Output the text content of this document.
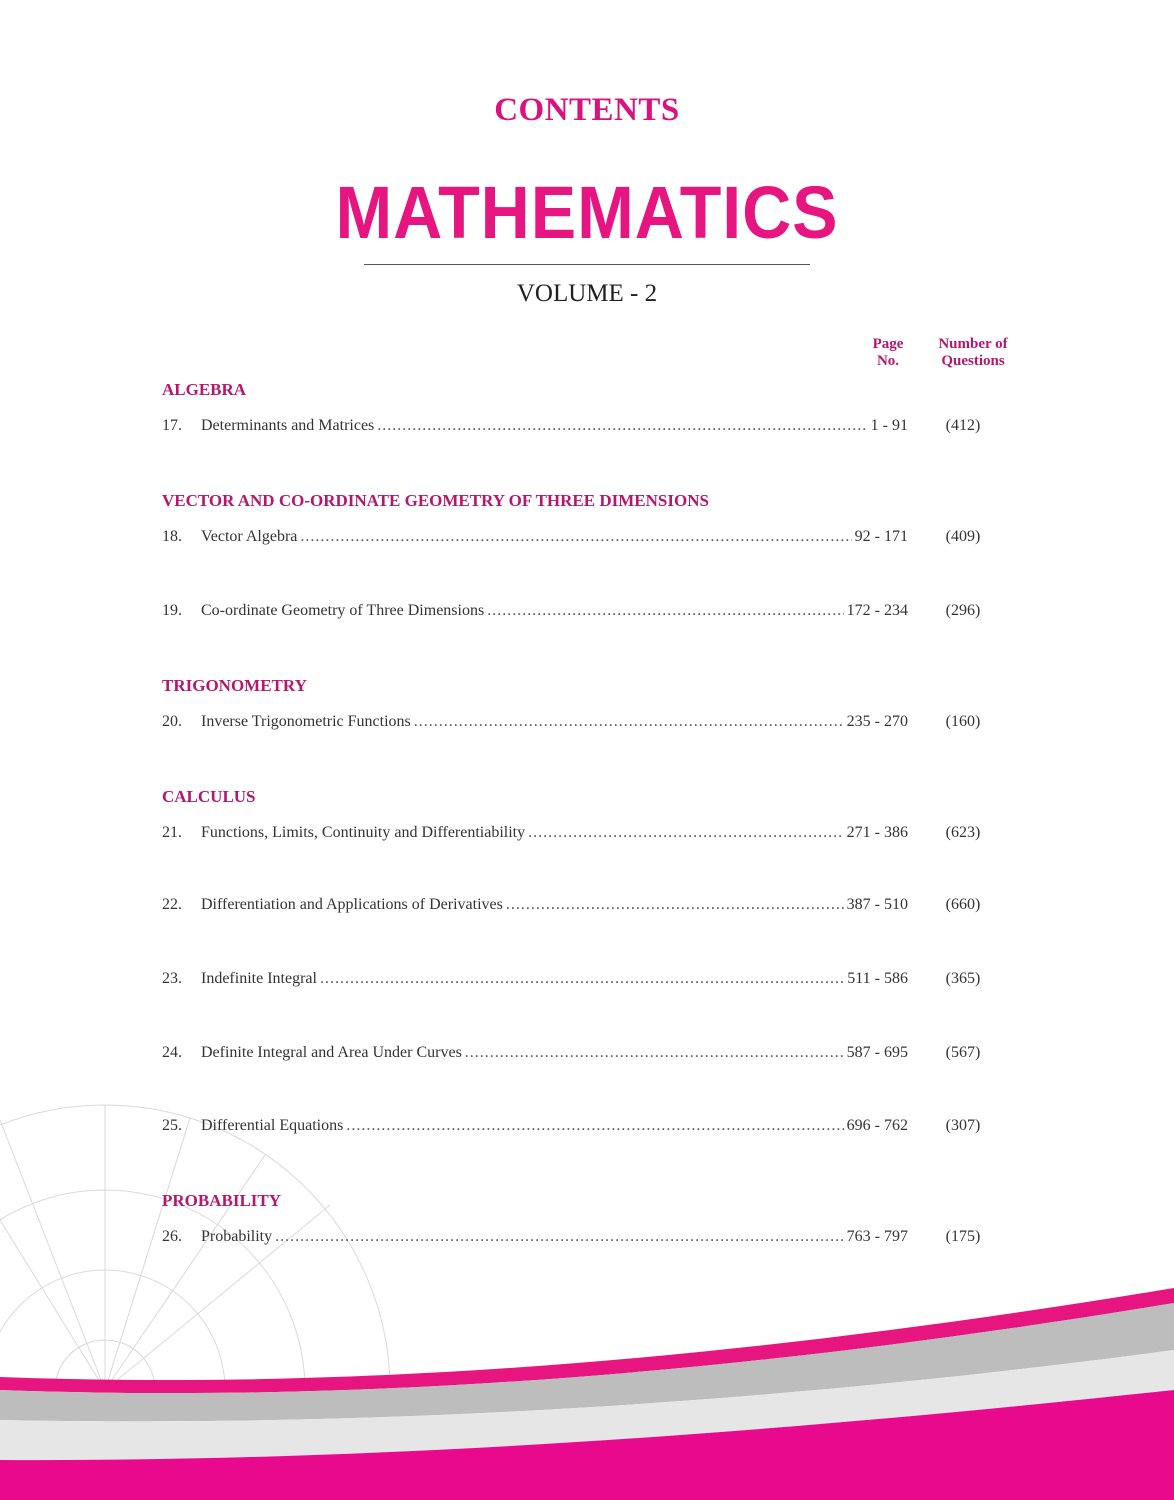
CONTENTS
MATHEMATICS
VOLUME - 2
Page
No.
Number of
Questions
ALGEBRA
17. Determinants and Matrices .....	1 - 91	(412)
VECTOR AND CO-ORDINATE GEOMETRY OF THREE DIMENSIONS
18. Vector Algebra .....	92 - 171	(409)
19. Co-ordinate Geometry of Three Dimensions .....	172 - 234	(296)
TRIGONOMETRY
20. Inverse Trigonometric Functions .....	235 - 270	(160)
CALCULUS
21. Functions, Limits, Continuity and Differentiability .....	271 - 386	(623)
22. Differentiation and Applications of Derivatives .....	387 - 510	(660)
23. Indefinite Integral .....	511 - 586	(365)
24. Definite Integral and Area Under Curves .....	587 - 695	(567)
25. Differential Equations .....	696 - 762	(307)
PROBABILITY
26. Probability .....	763 - 797	(175)
